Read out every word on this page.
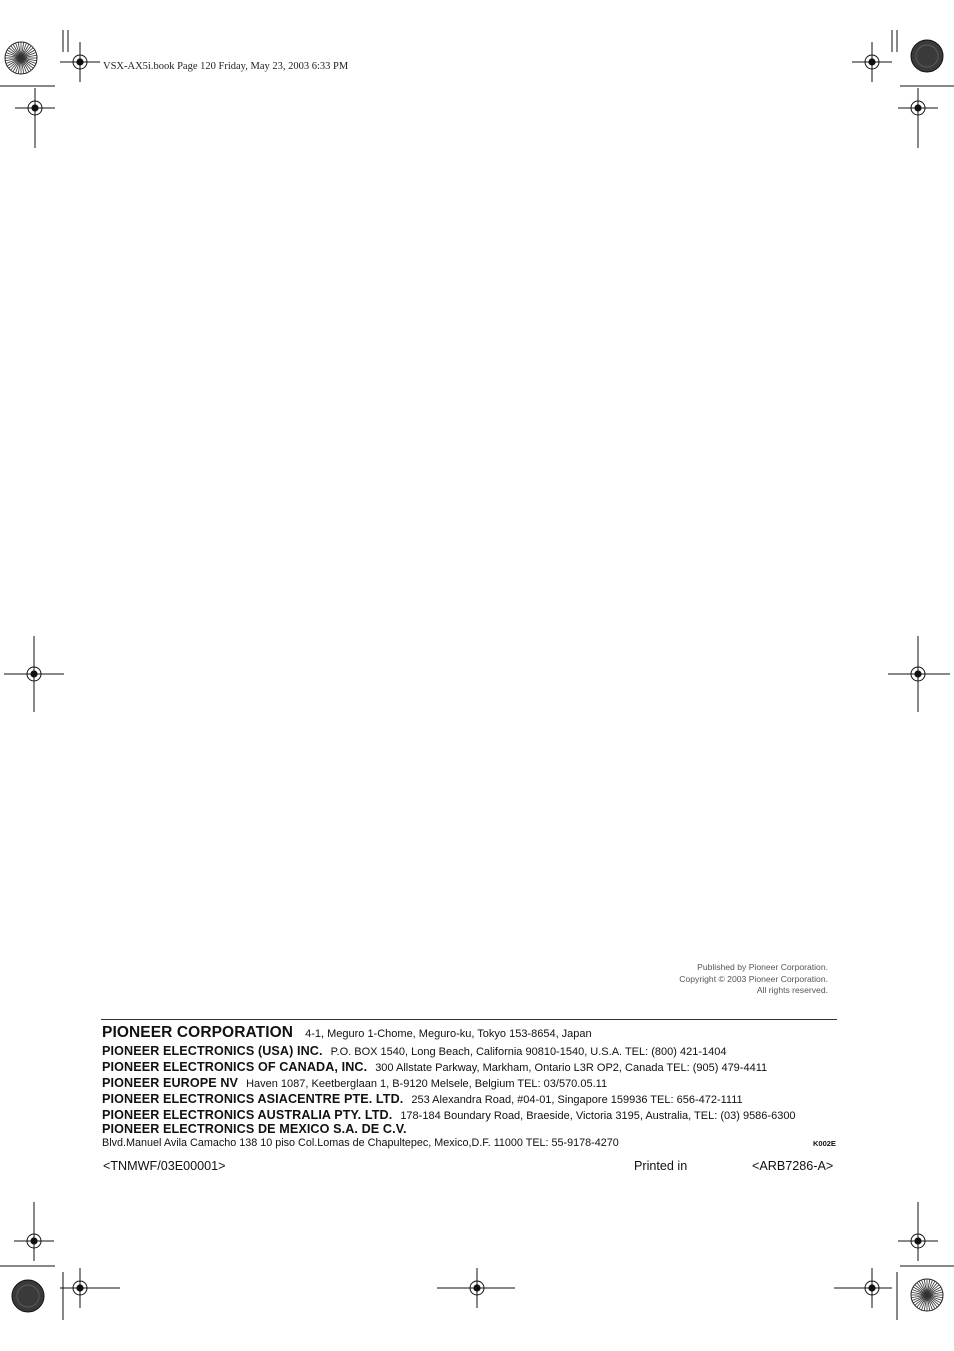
VSX-AX5i.book Page 120 Friday, May 23, 2003 6:33 PM
Published by Pioneer Corporation.
Copyright © 2003 Pioneer Corporation.
All rights reserved.
PIONEER CORPORATION 4-1, Meguro 1-Chome, Meguro-ku, Tokyo 153-8654, Japan
PIONEER ELECTRONICS (USA) INC. P.O. BOX 1540, Long Beach, California 90810-1540, U.S.A. TEL: (800) 421-1404
PIONEER ELECTRONICS OF CANADA, INC. 300 Allstate Parkway, Markham, Ontario L3R OP2, Canada TEL: (905) 479-4411
PIONEER EUROPE NV Haven 1087, Keetberglaan 1, B-9120 Melsele, Belgium TEL: 03/570.05.11
PIONEER ELECTRONICS ASIACENTRE PTE. LTD. 253 Alexandra Road, #04-01, Singapore 159936 TEL: 656-472-1111
PIONEER ELECTRONICS AUSTRALIA PTY. LTD. 178-184 Boundary Road, Braeside, Victoria 3195, Australia, TEL: (03) 9586-6300
PIONEER ELECTRONICS DE MEXICO S.A. DE C.V.
Blvd.Manuel Avila Camacho 138 10 piso Col.Lomas de Chapultepec, Mexico,D.F. 11000 TEL: 55-9178-4270	K002E
<TNMWF/03E00001>	Printed in	<ARB7286-A>
